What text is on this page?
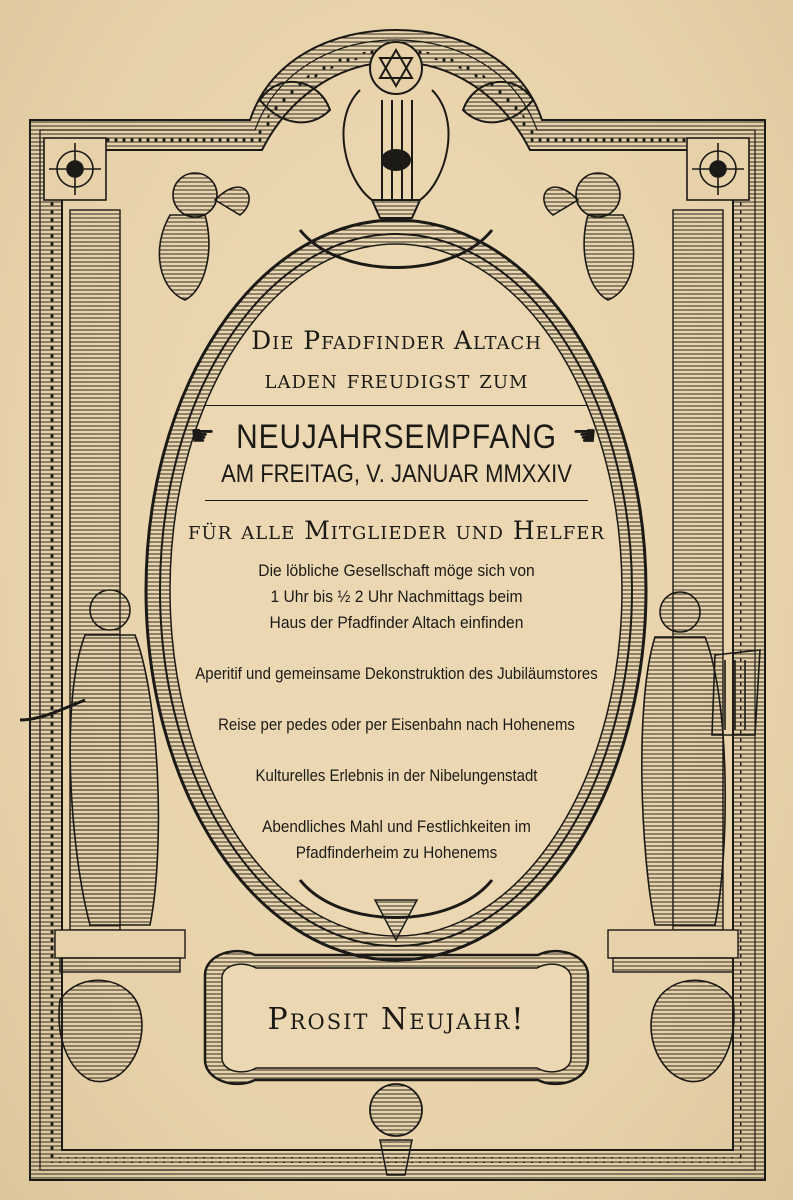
Die Pfadfinder Altach
laden freudigst zum
☛ NEUJAHRSEMPFANG ☚
AM FREITAG, V. JANUAR MMXXIV
für alle Mitglieder und Helfer
Die löbliche Gesellschaft möge sich von
1 Uhr bis ½ 2 Uhr Nachmittags beim
Haus der Pfadfinder Altach einfinden
Aperitif und gemeinsame Dekonstruktion des Jubiläumstores
Reise per pedes oder per Eisenbahn nach Hohenems
Kulturelles Erlebnis in der Nibelungenstadt
Abendliches Mahl und Festlichkeiten im
Pfadfinderheim zu Hohenems
Prosit Neujahr!
